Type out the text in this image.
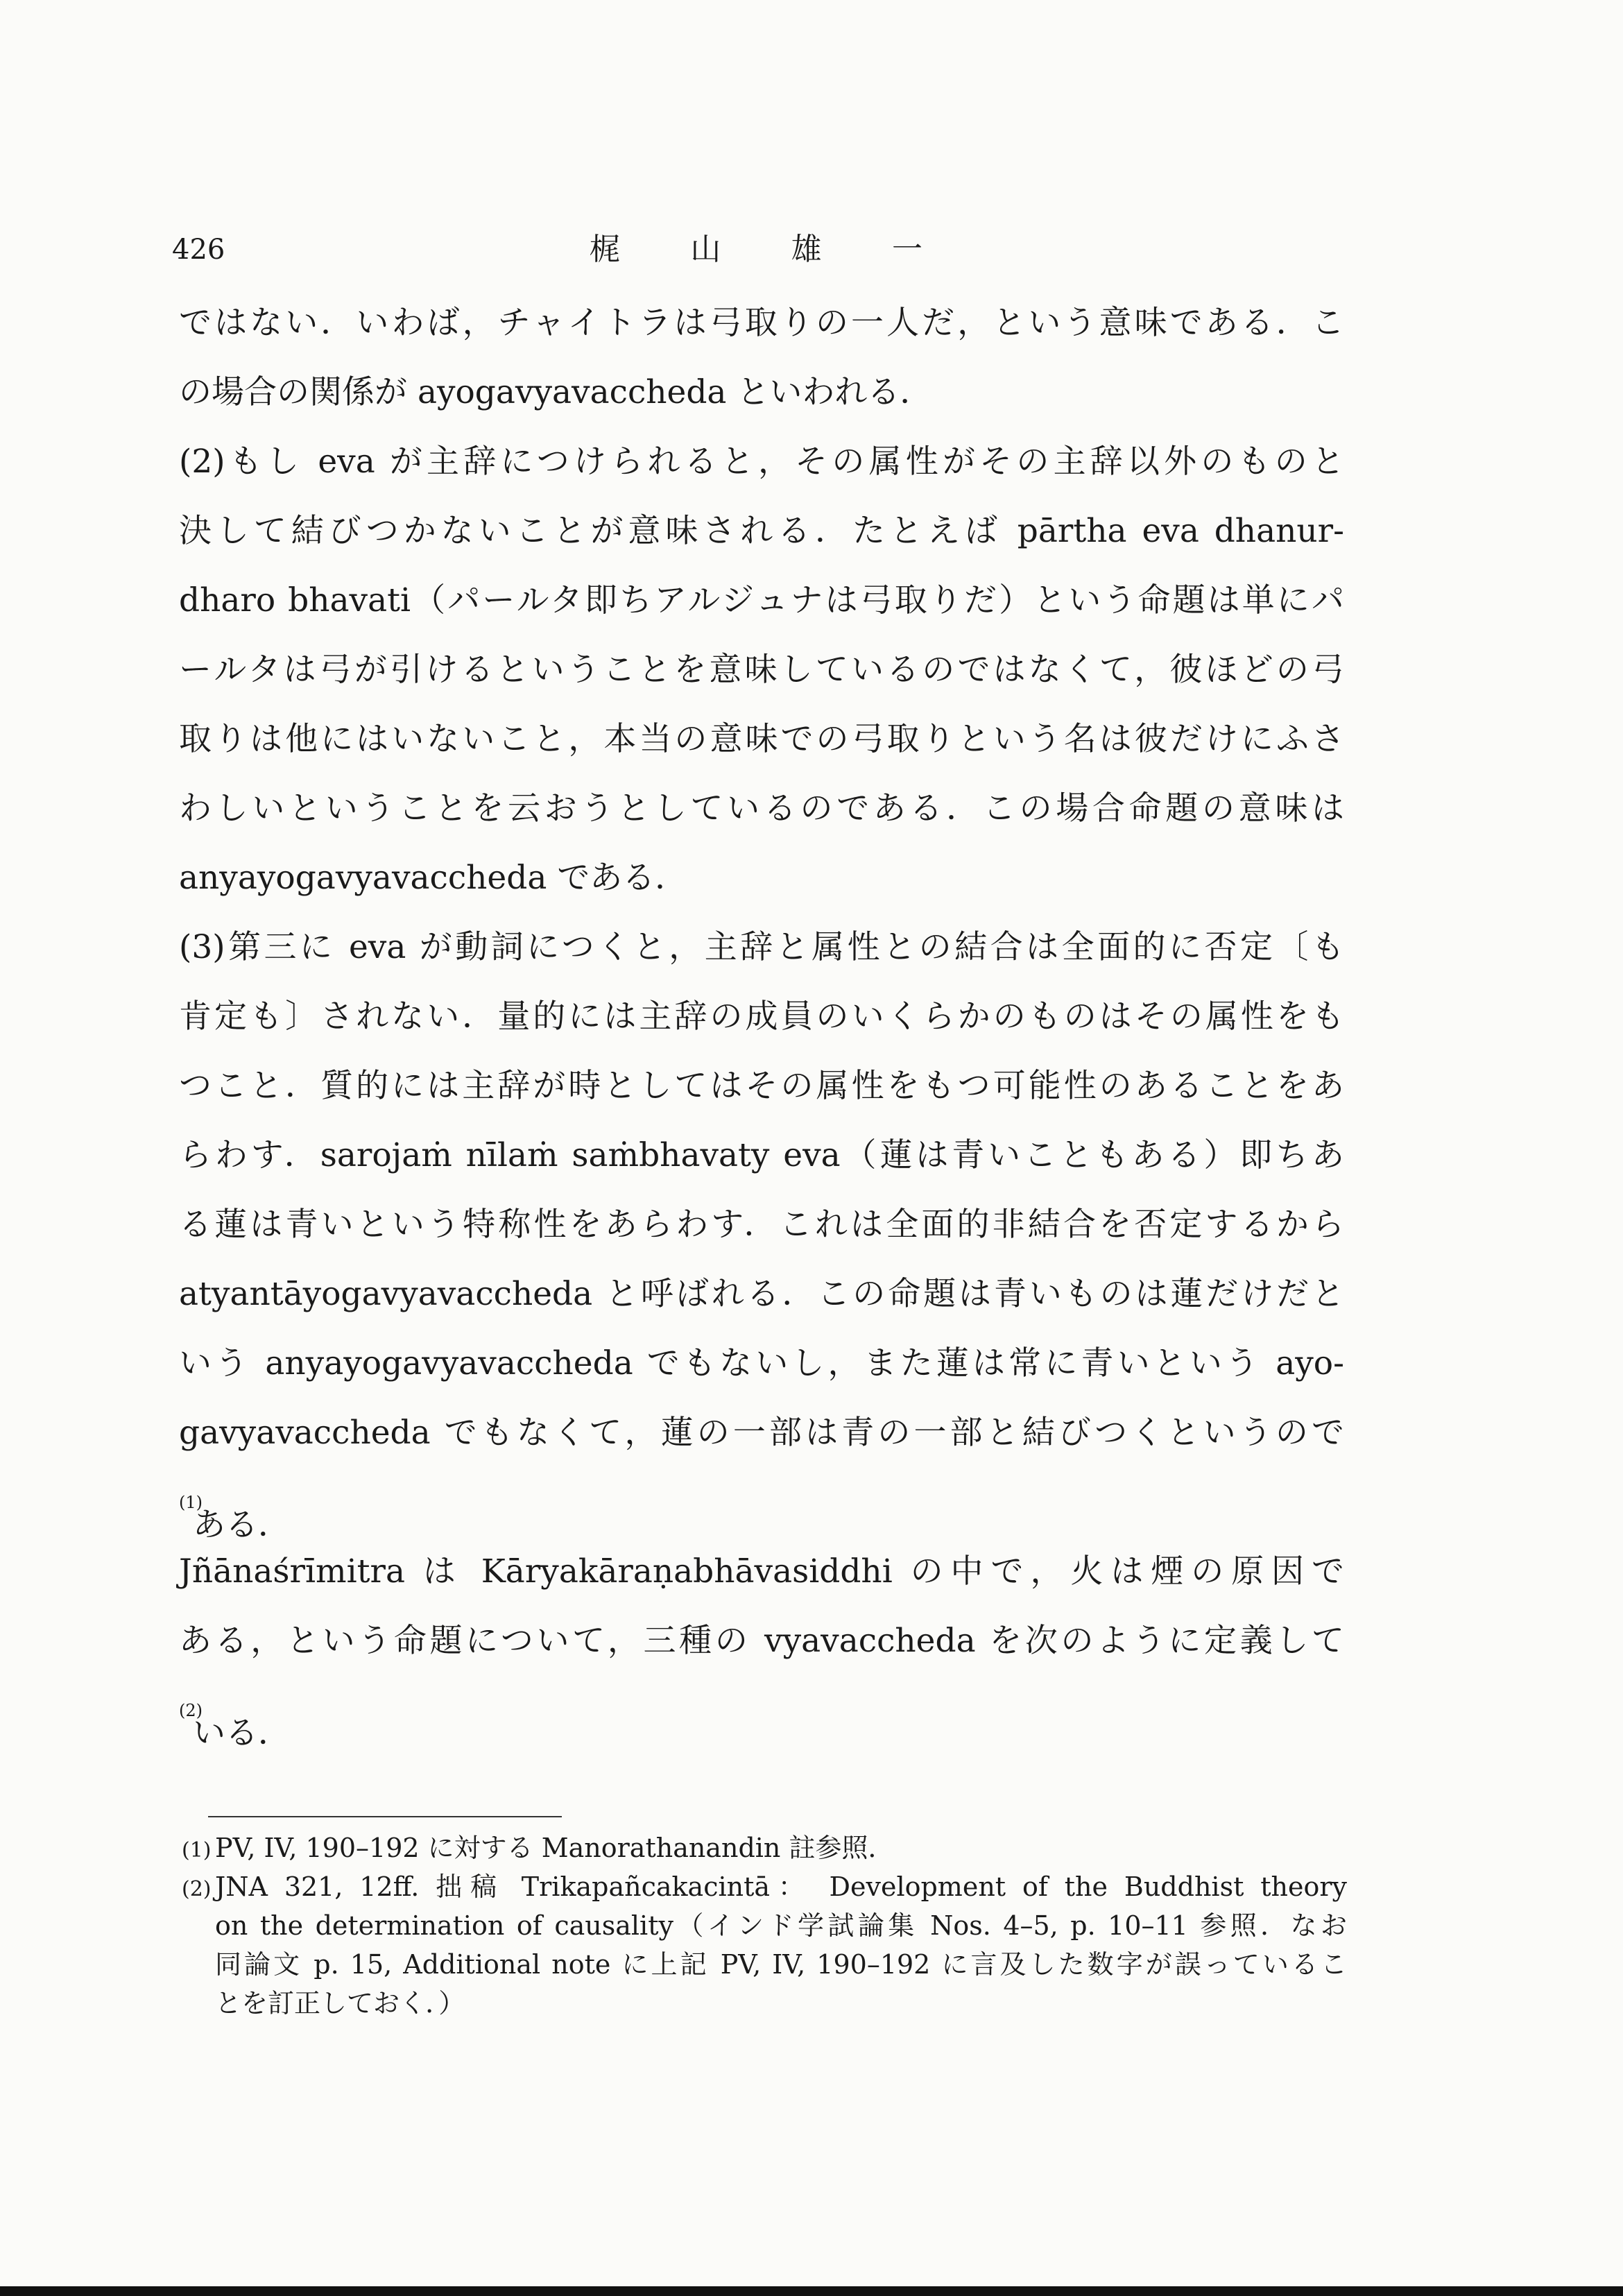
426	梶 山 雄 一
ではない．いわば，チャイトラは弓取りの一人だ，という意味である．こ
の場合の関係が ayogavyavaccheda といわれる．
(2)もし eva が主辞につけられると，その属性がその主辞以外のものと
決して結びつかないことが意味される．たとえば pārtha eva dhanur-
dharo bhavati（パールタ即ちアルジュナは弓取りだ）という命題は単にパ
ールタは弓が引けるということを意味しているのではなくて，彼ほどの弓
取りは他にはいないこと，本当の意味での弓取りという名は彼だけにふさ
わしいということを云おうとしているのである．この場合命題の意味は
anyayogavyavaccheda である．
(3)第三に eva が動詞につくと，主辞と属性との結合は全面的に否定〔も
肯定も〕されない．量的には主辞の成員のいくらかのものはその属性をも
つこと．質的には主辞が時としてはその属性をもつ可能性のあることをあ
らわす．sarojaṁ nīlaṁ saṁbhavaty eva（蓮は青いこともある）即ちあ
る蓮は青いという特称性をあらわす．これは全面的非結合を否定するから
atyantāyogavyavaccheda と呼ばれる．この命題は青いものは蓮だけだと
いう anyayogavyavaccheda でもないし，また蓮は常に青いという ayo-
gavyavaccheda でもなくて，蓮の一部は青の一部と結びつくというので
$^{(1)}$ある．
Jñānaśrīmitra は Kāryakāraṇabhāvasiddhi の中で，火は煙の原因で
ある，という命題について，三種の vyavaccheda を次のように定義して
$^{(2)}$いる．
(1) PV, IV, 190–192 に対する Manorathanandin 註参照．
(2) JNA 321, 12ff. 拙稿 Trikapañcakacintā： Development of the Buddhist theory
on the determination of causality（インド学試論集 Nos. 4–5, p. 10–11 参照．なお
同論文 p. 15, Additional note に上記 PV, IV, 190–192 に言及した数字が誤っているこ
とを訂正しておく．）
